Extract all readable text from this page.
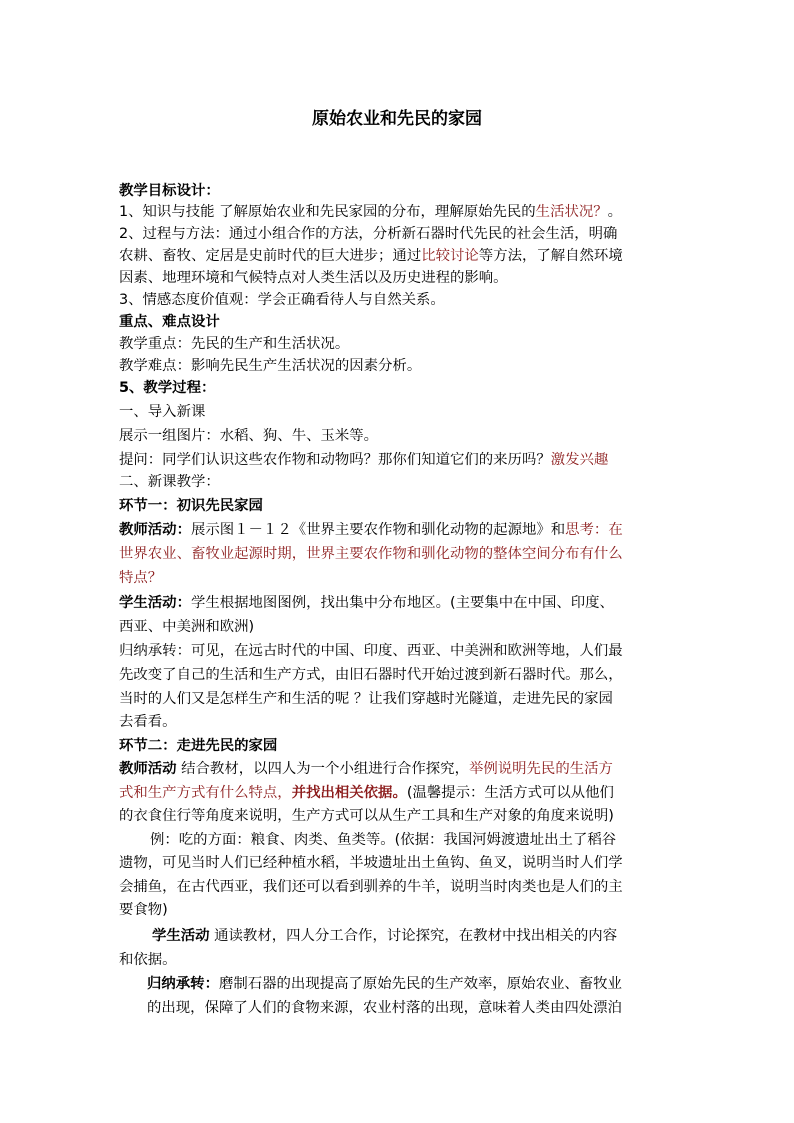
原始农业和先民的家园
教学目标设计：
1、知识与技能 了解原始农业和先民家园的分布，理解原始先民的生活状况？。
2、过程与方法：通过小组合作的方法，分析新石器时代先民的社会生活，明确
农耕、畜牧、定居是史前时代的巨大进步；通过比较讨论等方法，了解自然环境
因素、地理环境和气候特点对人类生活以及历史进程的影响。
3、情感态度价值观：学会正确看待人与自然关系。
重点、难点设计
教学重点：先民的生产和生活状况。
教学难点：影响先民生产生活状况的因素分析。
5、教学过程：
一、导入新课
展示一组图片：水稻、狗、牛、玉米等。
提问：同学们认识这些农作物和动物吗？那你们知道它们的来历吗？激发兴趣
二、新课教学：
环节一：初识先民家园
教师活动：展示图１－１２《世界主要农作物和驯化动物的起源地》和思考：在
世界农业、畜牧业起源时期，世界主要农作物和驯化动物的整体空间分布有什么
特点？
学生活动：学生根据地图图例，找出集中分布地区。(主要集中在中国、印度、
西亚、中美洲和欧洲)
归纳承转：可见，在远古时代的中国、印度、西亚、中美洲和欧洲等地，人们最
先改变了自己的生活和生产方式，由旧石器时代开始过渡到新石器时代。那么，
当时的人们又是怎样生产和生活的呢 ？让我们穿越时光隧道，走进先民的家园
去看看。
环节二：走进先民的家园
教师活动 结合教材，以四人为一个小组进行合作探究，举例说明先民的生活方
式和生产方式有什么特点，并找出相关依据。(温馨提示：生活方式可以从他们
的衣食住行等角度来说明，生产方式可以从生产工具和生产对象的角度来说明)
例：吃的方面：粮食、肉类、鱼类等。(依据：我国河姆渡遗址出土了稻谷
遗物，可见当时人们已经种植水稻，半坡遗址出土鱼钩、鱼叉，说明当时人们学
会捕鱼，在古代西亚，我们还可以看到驯养的牛羊，说明当时肉类也是人们的主
要食物)
学生活动 通读教材，四人分工合作，讨论探究，在教材中找出相关的内容
和依据。
归纳承转：磨制石器的出现提高了原始先民的生产效率，原始农业、畜牧业
的出现，保障了人们的食物来源，农业村落的出现，意味着人类由四处漂泊
